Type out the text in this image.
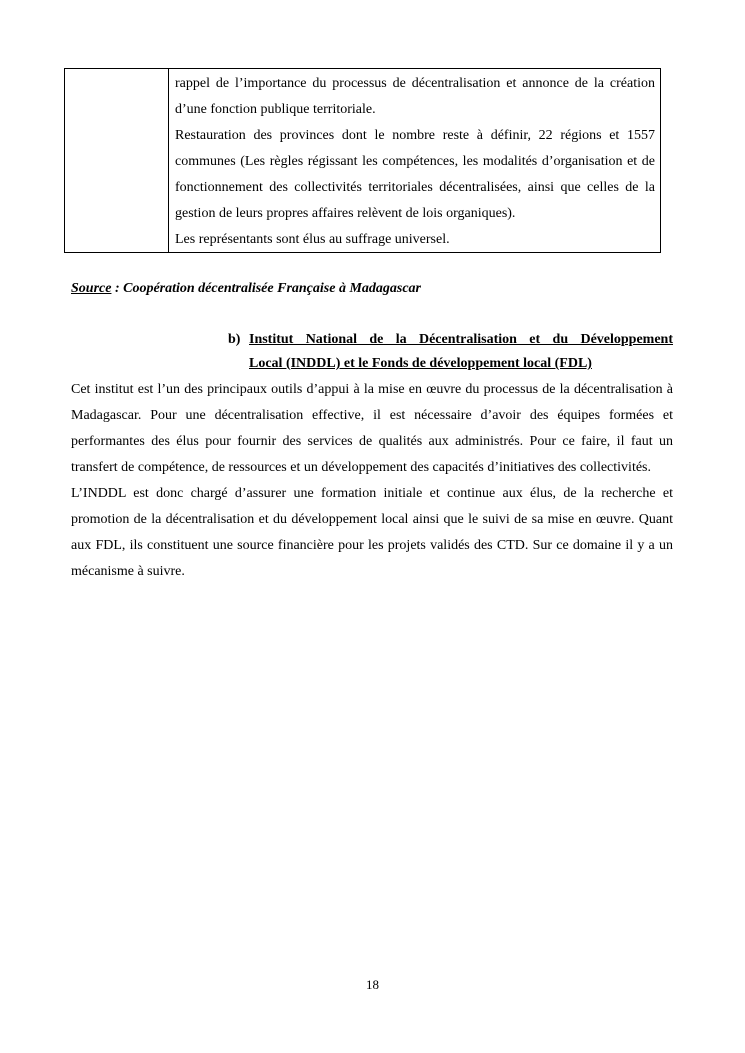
rappel de l’importance du processus de décentralisation et annonce de la création d’une fonction publique territoriale.

Restauration des provinces dont le nombre reste à définir, 22 régions et 1557 communes (Les règles régissant les compétences, les modalités d’organisation et de fonctionnement des collectivités territoriales décentralisées, ainsi que celles de la gestion de leurs propres affaires relèvent de lois organiques).

Les représentants sont élus au suffrage universel.

Source : Coopération décentralisée Française à Madagascar

b) Institut National de la Décentralisation et du Développement
Local (INDDL) et le Fonds de développement local (FDL)

Cet institut est l’un des principaux outils d’appui à la mise en œuvre du processus de la décentralisation à Madagascar. Pour une décentralisation effective, il est nécessaire d’avoir des équipes formées et performantes des élus pour fournir des services de qualités aux administrés. Pour ce faire, il faut un transfert de compétence, de ressources et un développement des capacités d’initiatives des collectivités.

L’INDDL est donc chargé d’assurer une formation initiale et continue aux élus, de la recherche et promotion de la décentralisation et du développement local ainsi que le suivi de sa mise en œuvre. Quant aux FDL, ils constituent une source financière pour les projets validés des CTD. Sur ce domaine il y a un mécanisme à suivre.

18
